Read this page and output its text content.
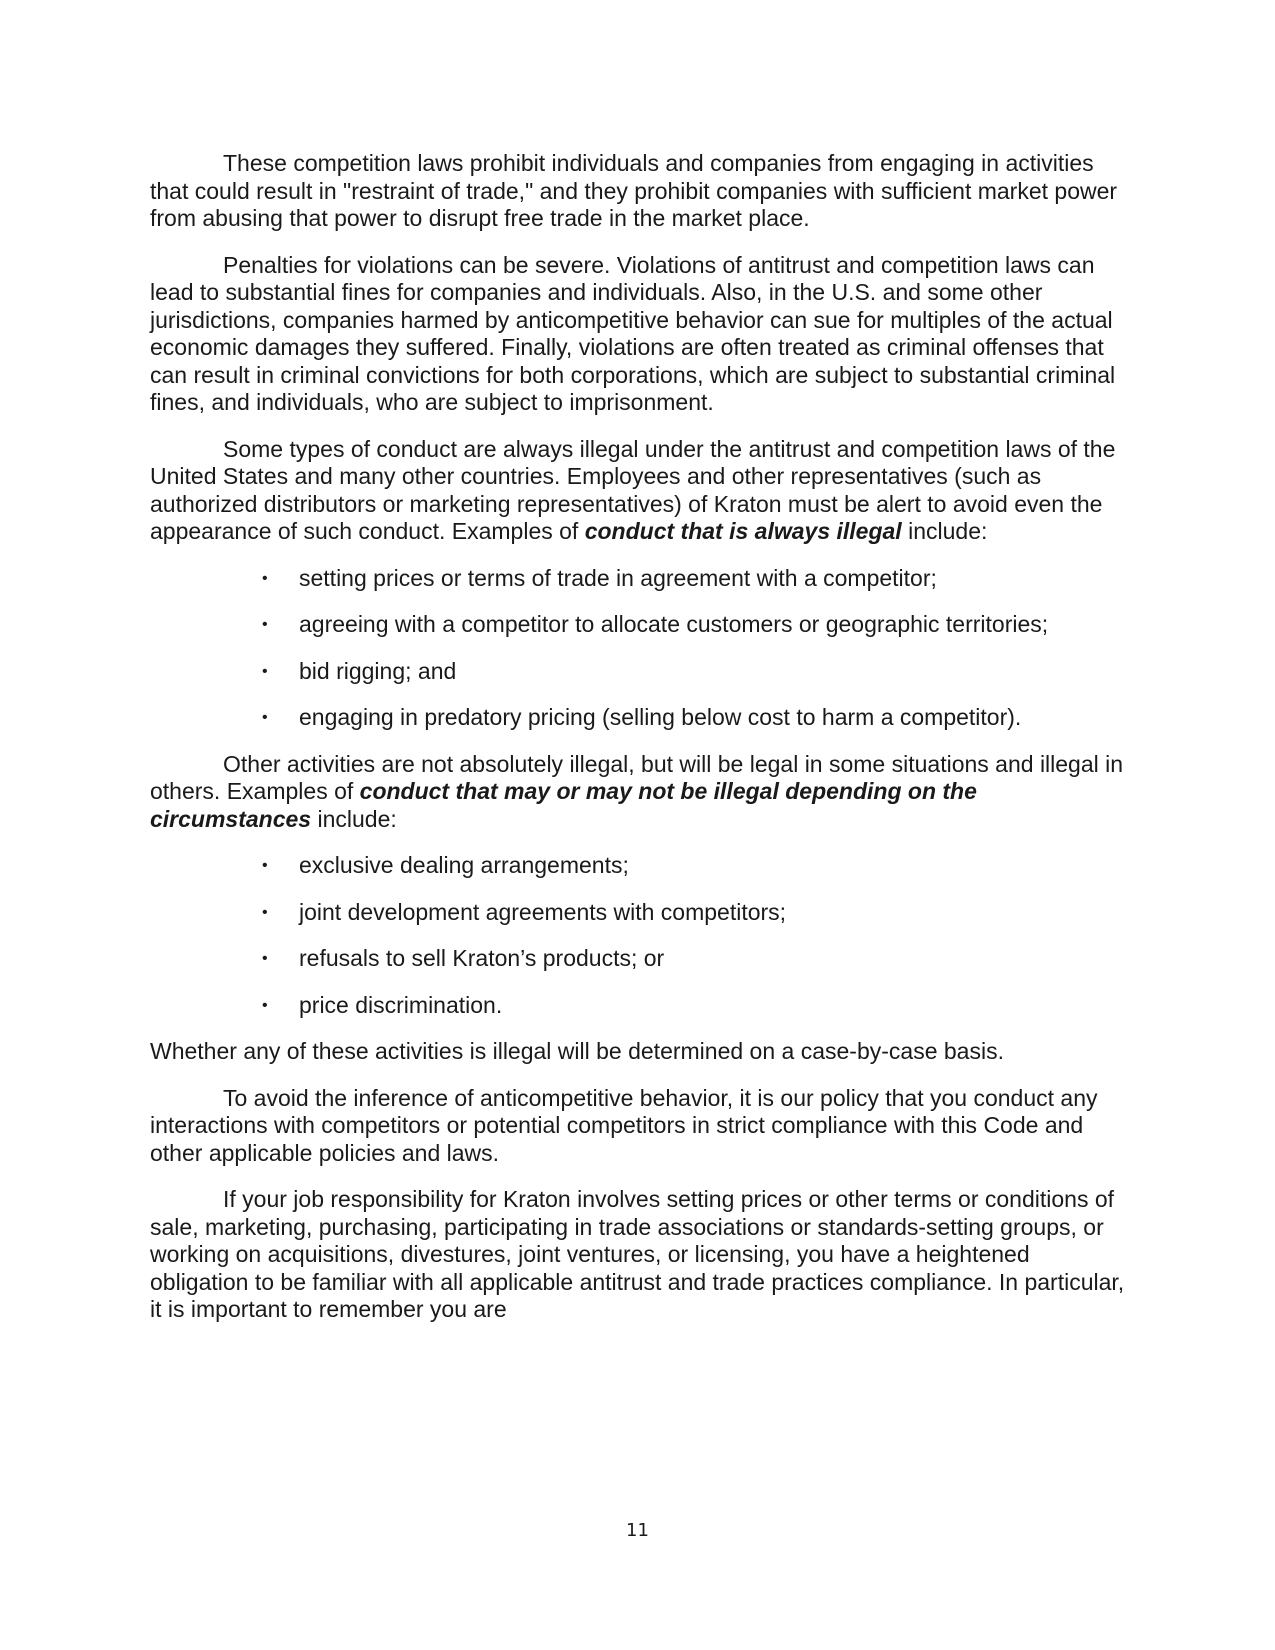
These competition laws prohibit individuals and companies from engaging in activities that could result in "restraint of trade," and they prohibit companies with sufficient market power from abusing that power to disrupt free trade in the market place.

Penalties for violations can be severe. Violations of antitrust and competition laws can lead to substantial fines for companies and individuals. Also, in the U.S. and some other jurisdictions, companies harmed by anticompetitive behavior can sue for multiples of the actual economic damages they suffered. Finally, violations are often treated as criminal offenses that can result in criminal convictions for both corporations, which are subject to substantial criminal fines, and individuals, who are subject to imprisonment.

Some types of conduct are always illegal under the antitrust and competition laws of the United States and many other countries. Employees and other representatives (such as authorized distributors or marketing representatives) of Kraton must be alert to avoid even the appearance of such conduct. Examples of conduct that is always illegal include:

• setting prices or terms of trade in agreement with a competitor;
• agreeing with a competitor to allocate customers or geographic territories;
• bid rigging; and
• engaging in predatory pricing (selling below cost to harm a competitor).

Other activities are not absolutely illegal, but will be legal in some situations and illegal in others. Examples of conduct that may or may not be illegal depending on the circumstances include:

• exclusive dealing arrangements;
• joint development agreements with competitors;
• refusals to sell Kraton’s products; or
• price discrimination.

Whether any of these activities is illegal will be determined on a case-by-case basis.

To avoid the inference of anticompetitive behavior, it is our policy that you conduct any interactions with competitors or potential competitors in strict compliance with this Code and other applicable policies and laws.

If your job responsibility for Kraton involves setting prices or other terms or conditions of sale, marketing, purchasing, participating in trade associations or standards-setting groups, or working on acquisitions, divestures, joint ventures, or licensing, you have a heightened obligation to be familiar with all applicable antitrust and trade practices compliance. In particular, it is important to remember you are

11
